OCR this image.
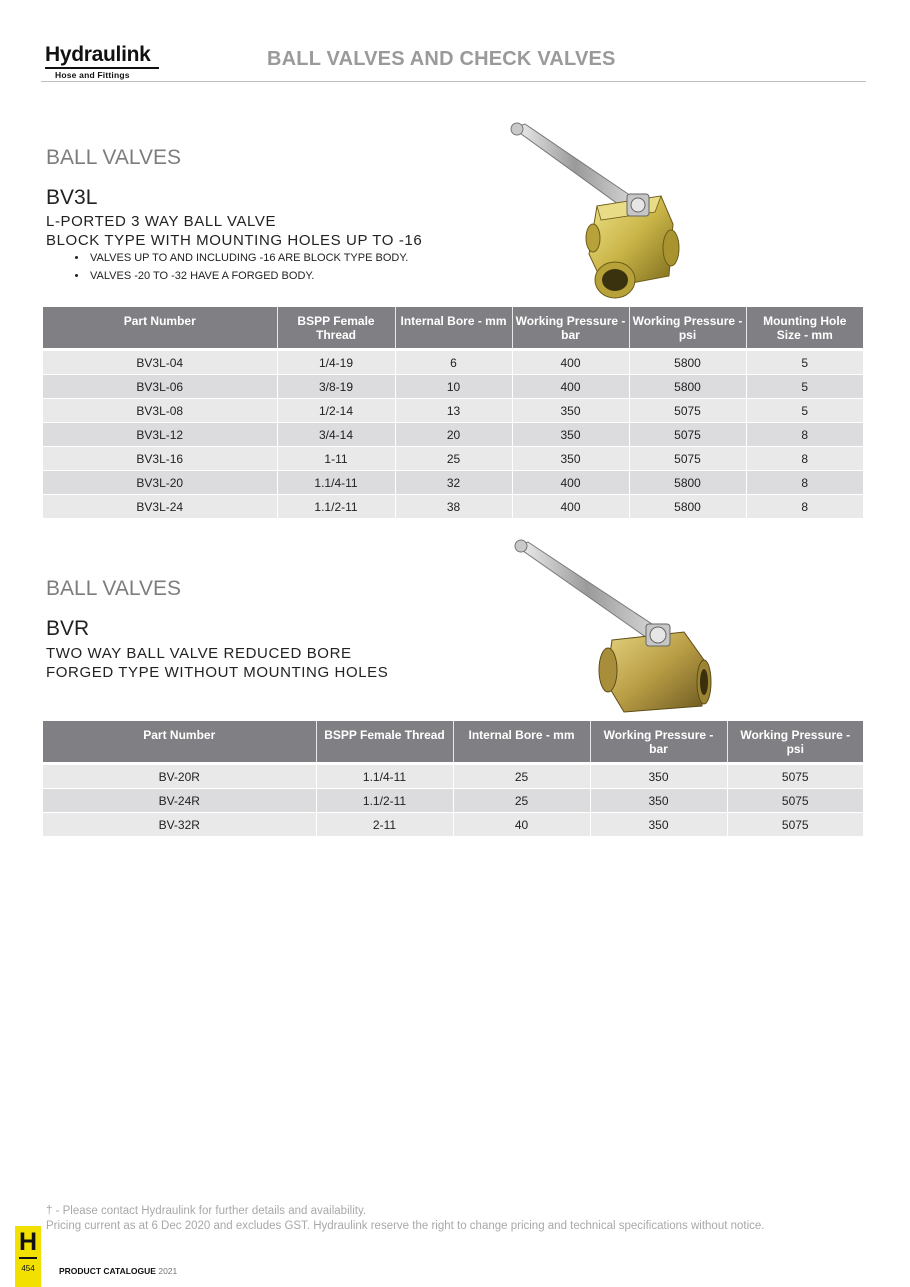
Hydraulink
Hose and Fittings
BALL VALVES AND CHECK VALVES
BALL VALVES
BV3L
L-PORTED 3 WAY BALL VALVE
BLOCK TYPE WITH MOUNTING HOLES UP TO -16
• VALVES UP TO AND INCLUDING -16 ARE BLOCK TYPE BODY.
• VALVES -20 TO -32 HAVE A FORGED BODY.
Part Number	BSPP Female Thread	Internal Bore - mm	Working Pressure - bar	Working Pressure - psi	Mounting Hole Size - mm

BV3L-04	1/4-19	6	400	5800	5
BV3L-06	3/8-19	10	400	5800	5
BV3L-08	1/2-14	13	350	5075	5
BV3L-12	3/4-14	20	350	5075	8
BV3L-16	1-11	25	350	5075	8
BV3L-20	1.1/4-11	32	400	5800	8
BV3L-24	1.1/2-11	38	400	5800	8
BALL VALVES
BVR
TWO WAY BALL VALVE REDUCED BORE
FORGED TYPE WITHOUT MOUNTING HOLES
Part Number	BSPP Female Thread	Internal Bore - mm	Working Pressure - bar	Working Pressure - psi

BV-20R	1.1/4-11	25	350	5075
BV-24R	1.1/2-11	25	350	5075
BV-32R	2-11	40	350	5075
† - Please contact Hydraulink for further details and availability.
Pricing current as at 6 Dec 2020 and excludes GST. Hydraulink reserve the right to change pricing and technical specifications without notice.
H
454	PRODUCT CATALOGUE 2021
